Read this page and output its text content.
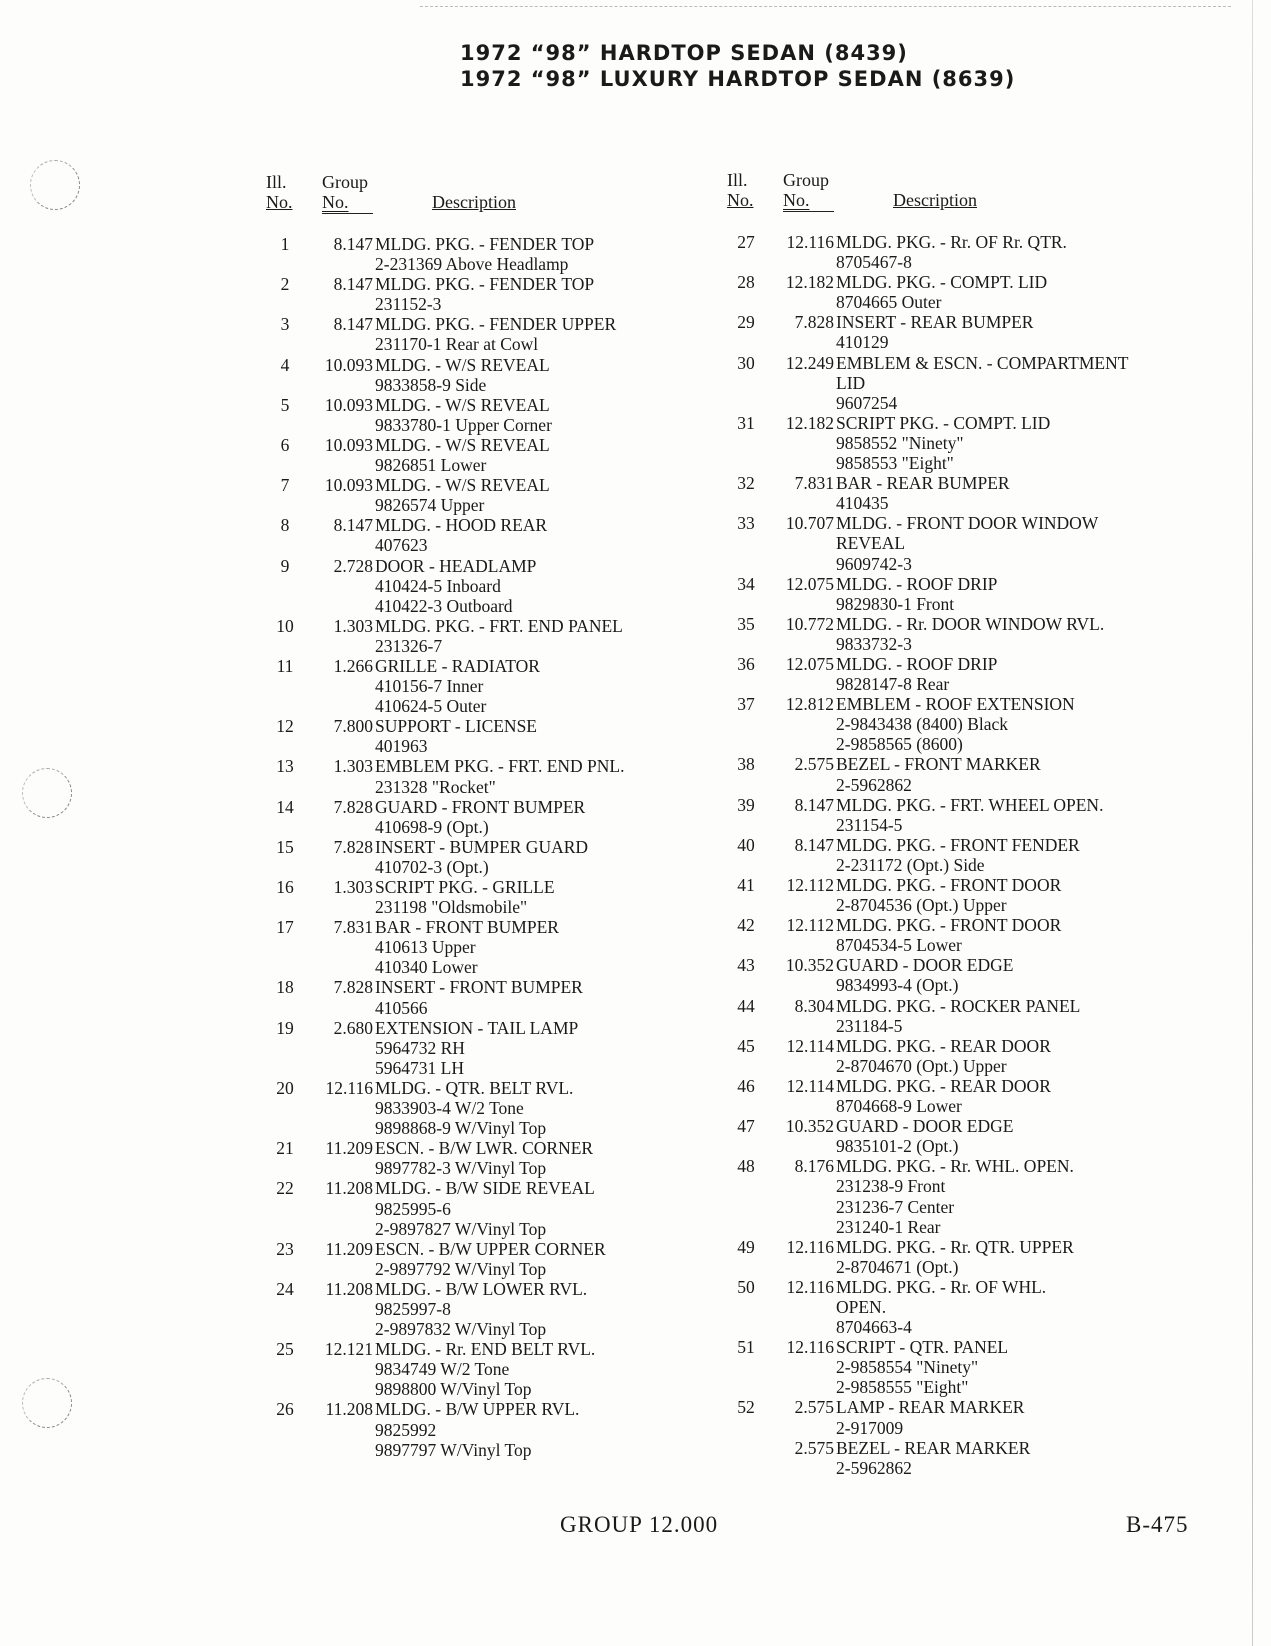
1972 “98” HARDTOP SEDAN (8439)
1972 “98” LUXURY HARDTOP SEDAN (8639)
Ill.
No.
Group
No.	Description
1	8.147 MLDG. PKG. - FENDER TOP
2-231369 Above Headlamp
2	8.147 MLDG. PKG. - FENDER TOP
231152-3
3	8.147 MLDG. PKG. - FENDER UPPER
231170-1 Rear at Cowl
4	10.093 MLDG. - W/S REVEAL
9833858-9 Side
5	10.093 MLDG. - W/S REVEAL
9833780-1 Upper Corner
6	10.093 MLDG. - W/S REVEAL
9826851 Lower
7	10.093 MLDG. - W/S REVEAL
9826574 Upper
8	8.147 MLDG. - HOOD REAR
407623
9	2.728 DOOR - HEADLAMP
410424-5 Inboard
410422-3 Outboard
10	1.303 MLDG. PKG. - FRT. END PANEL
231326-7
11	1.266 GRILLE - RADIATOR
410156-7 Inner
410624-5 Outer
12	7.800 SUPPORT - LICENSE
401963
13	1.303 EMBLEM PKG. - FRT. END PNL.
231328 "Rocket"
14	7.828 GUARD - FRONT BUMPER
410698-9 (Opt.)
15	7.828 INSERT - BUMPER GUARD
410702-3 (Opt.)
16	1.303 SCRIPT PKG. - GRILLE
231198 "Oldsmobile"
17	7.831 BAR - FRONT BUMPER
410613 Upper
410340 Lower
18	7.828 INSERT - FRONT BUMPER
410566
19	2.680 EXTENSION - TAIL LAMP
5964732 RH
5964731 LH
20	12.116 MLDG. - QTR. BELT RVL.
9833903-4 W/2 Tone
9898868-9 W/Vinyl Top
21	11.209 ESCN. - B/W LWR. CORNER
9897782-3 W/Vinyl Top
22	11.208 MLDG. - B/W SIDE REVEAL
9825995-6
2-9897827 W/Vinyl Top
23	11.209 ESCN. - B/W UPPER CORNER
2-9897792 W/Vinyl Top
24	11.208 MLDG. - B/W LOWER RVL.
9825997-8
2-9897832 W/Vinyl Top
25	12.121 MLDG. - Rr. END BELT RVL.
9834749 W/2 Tone
9898800 W/Vinyl Top
26	11.208 MLDG. - B/W UPPER RVL.
9825992
9897797 W/Vinyl Top
Ill.
No.
Group
No.	Description
27	12.116 MLDG. PKG. - Rr. OF Rr. QTR.
8705467-8
28	12.182 MLDG. PKG. - COMPT. LID
8704665 Outer
29	7.828 INSERT - REAR BUMPER
410129
30	12.249 EMBLEM & ESCN. - COMPARTMENT
LID
9607254
31	12.182 SCRIPT PKG. - COMPT. LID
9858552 "Ninety"
9858553 "Eight"
32	7.831 BAR - REAR BUMPER
410435
33	10.707 MLDG. - FRONT DOOR WINDOW
REVEAL
9609742-3
34	12.075 MLDG. - ROOF DRIP
9829830-1 Front
35	10.772 MLDG. - Rr. DOOR WINDOW RVL.
9833732-3
36	12.075 MLDG. - ROOF DRIP
9828147-8 Rear
37	12.812 EMBLEM - ROOF EXTENSION
2-9843438 (8400) Black
2-9858565 (8600)
38	2.575 BEZEL - FRONT MARKER
2-5962862
39	8.147 MLDG. PKG. - FRT. WHEEL OPEN.
231154-5
40	8.147 MLDG. PKG. - FRONT FENDER
2-231172 (Opt.) Side
41	12.112 MLDG. PKG. - FRONT DOOR
2-8704536 (Opt.) Upper
42	12.112 MLDG. PKG. - FRONT DOOR
8704534-5 Lower
43	10.352 GUARD - DOOR EDGE
9834993-4 (Opt.)
44	8.304 MLDG. PKG. - ROCKER PANEL
231184-5
45	12.114 MLDG. PKG. - REAR DOOR
2-8704670 (Opt.) Upper
46	12.114 MLDG. PKG. - REAR DOOR
8704668-9 Lower
47	10.352 GUARD - DOOR EDGE
9835101-2 (Opt.)
48	8.176 MLDG. PKG. - Rr. WHL. OPEN.
231238-9 Front
231236-7 Center
231240-1 Rear
49	12.116 MLDG. PKG. - Rr. QTR. UPPER
2-8704671 (Opt.)
50	12.116 MLDG. PKG. - Rr. OF WHL.
OPEN.
8704663-4
51	12.116 SCRIPT - QTR. PANEL
2-9858554 "Ninety"
2-9858555 "Eight"
52	2.575 LAMP - REAR MARKER
2-917009
2.575 BEZEL - REAR MARKER
2-5962862
GROUP 12.000	B-475
